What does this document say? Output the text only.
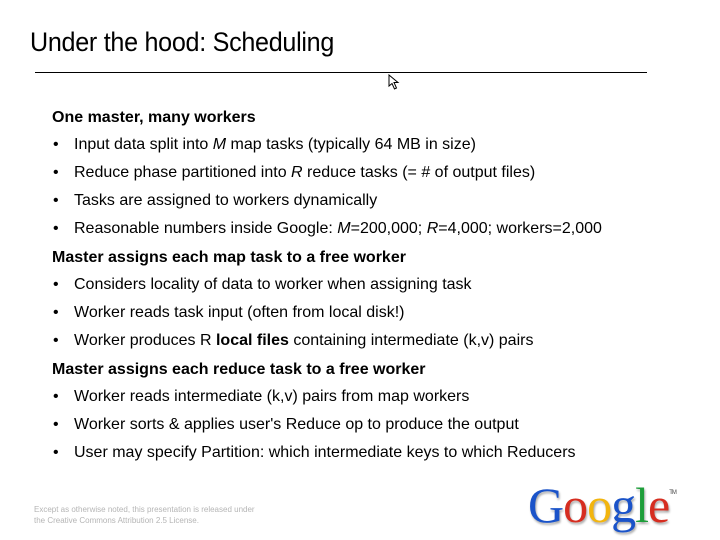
Under the hood: Scheduling
One master, many workers
• Input data split into M map tasks (typically 64 MB in size)
• Reduce phase partitioned into R reduce tasks (= # of output files)
• Tasks are assigned to workers dynamically
• Reasonable numbers inside Google: M=200,000; R=4,000; workers=2,000
Master assigns each map task to a free worker
• Considers locality of data to worker when assigning task
• Worker reads task input (often from local disk!)
• Worker produces R local files containing intermediate (k,v) pairs
Master assigns each reduce task to a free worker
• Worker reads intermediate (k,v) pairs from map workers
• Worker sorts & applies user's Reduce op to produce the output
• User may specify Partition: which intermediate keys to which Reducers
Except as otherwise noted, this presentation is released under the Creative Commons Attribution 2.5 License.	Google™
